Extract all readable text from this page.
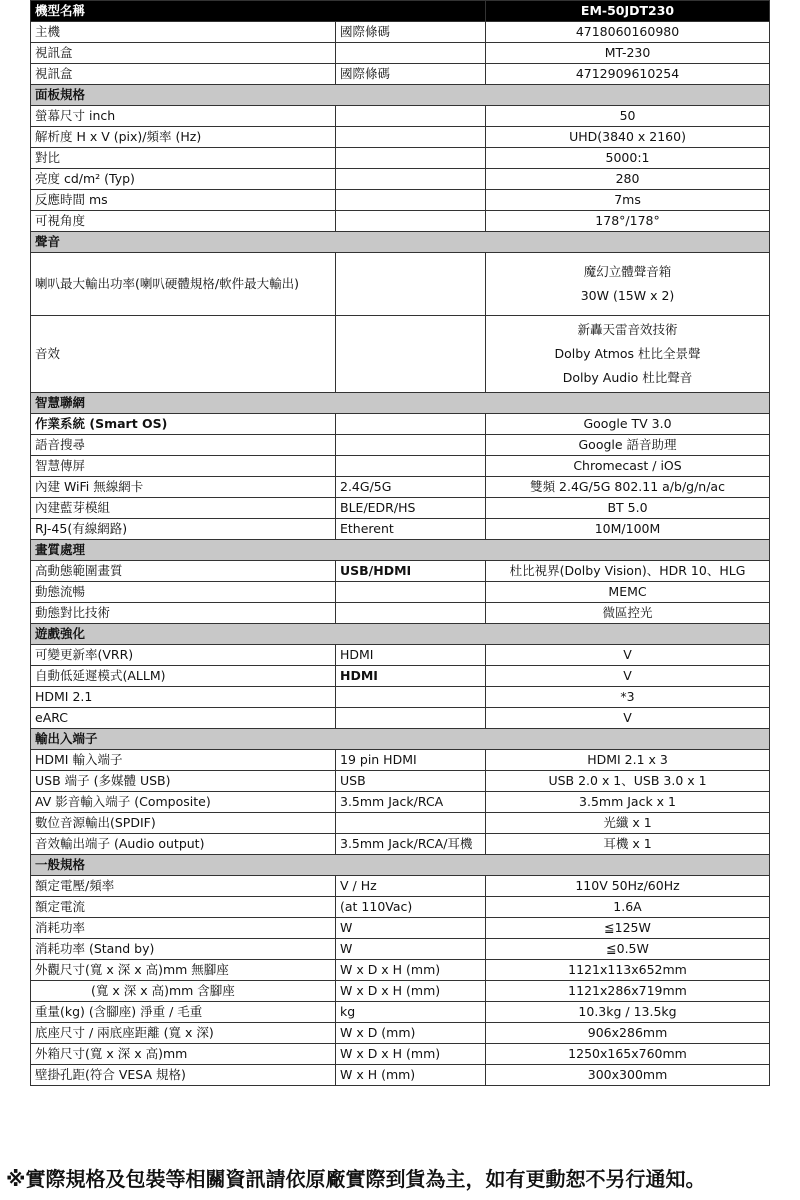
機型名稱		EM-50JDT230
主機	國際條碼	4718060160980
視訊盒		MT-230
視訊盒	國際條碼	4712909610254
面板規格		
螢幕尺寸 inch		50
解析度 H x V (pix)/頻率 (Hz)		UHD(3840 x 2160)
對比		5000:1
亮度 cd/m² (Typ)		280
反應時間 ms		7ms
可視角度		178°/178°
聲音		
喇叭最大輸出功率(喇叭硬體規格/軟件最大輸出)		魔幻立體聲音箱
30W (15W x 2)

音效		新轟天雷音效技術
Dolby Atmos 杜比全景聲
Dolby Audio 杜比聲音

智慧聯網		
作業系統 (Smart OS)		Google TV 3.0
語音搜尋		Google 語音助理
智慧傳屏		Chromecast / iOS
內建 WiFi 無線網卡	2.4G/5G	雙頻 2.4G/5G 802.11 a/b/g/n/ac
內建藍芽模組	BLE/EDR/HS	BT 5.0
RJ-45(有線網路)	Etherent	10M/100M
畫質處理		
高動態範圍畫質	USB/HDMI	杜比視界(Dolby Vision)、HDR 10、HLG
動態流暢		MEMC
動態對比技術		微區控光
遊戲強化		
可變更新率(VRR)	HDMI	V
自動低延遲模式(ALLM)	HDMI	V
HDMI 2.1		*3
eARC		V
輸出入端子		
HDMI 輸入端子	19 pin HDMI	HDMI 2.1 x 3
USB 端子 (多媒體 USB)	USB	USB 2.0 x 1、USB 3.0 x 1
AV 影音輸入端子 (Composite)	3.5mm Jack/RCA	3.5mm Jack x 1
數位音源輸出(SPDIF)		光纖 x 1
音效輸出端子 (Audio output)	3.5mm Jack/RCA/耳機	耳機 x 1
一般規格		
額定電壓/頻率	V / Hz	110V 50Hz/60Hz
額定電流	(at 110Vac)	1.6A
消耗功率	W	≦125W
消耗功率 (Stand by)	W	≦0.5W
外觀尺寸(寬 x 深 x 高)mm 無腳座	W x D x H (mm)	1121x113x652mm
(寬 x 深 x 高)mm 含腳座	W x D x H (mm)	1121x286x719mm
重量(kg) (含腳座) 淨重 / 毛重	kg	10.3kg / 13.5kg
底座尺寸 / 兩底座距離 (寬 x 深)	W x D (mm)	906x286mm
外箱尺寸(寬 x 深 x 高)mm	W x D x H (mm)	1250x165x760mm
壁掛孔距(符合 VESA 規格)	W x H (mm)	300x300mm
※實際規格及包裝等相關資訊請依原廠實際到貨為主，如有更動恕不另行通知。
